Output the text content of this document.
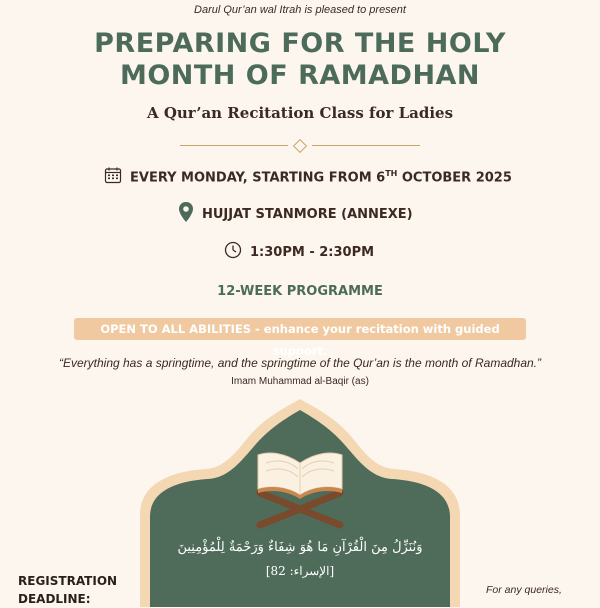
Darul Qur’an wal Itrah is pleased to present
PREPARING FOR THE HOLY
MONTH OF RAMADHAN
A Qur’an Recitation Class for Ladies
EVERY MONDAY, STARTING FROM 6TH OCTOBER 2025
HUJJAT STANMORE (ANNEXE)
1:30PM - 2:30PM
12-WEEK PROGRAMME
OPEN TO ALL ABILITIES - enhance your recitation with guided support.
“Everything has a springtime, and the springtime of the Qur’an is the month of Ramadhan.”
Imam Muhammad al-Baqir (as)
وَنُنَزِّلُ مِنَ الْقُرْآنِ مَا هُوَ شِفَاءٌ وَرَحْمَةٌ لِلْمُؤْمِنِينَ
[الإسراء: 82]
REGISTRATION
DEADLINE:
For any queries,
